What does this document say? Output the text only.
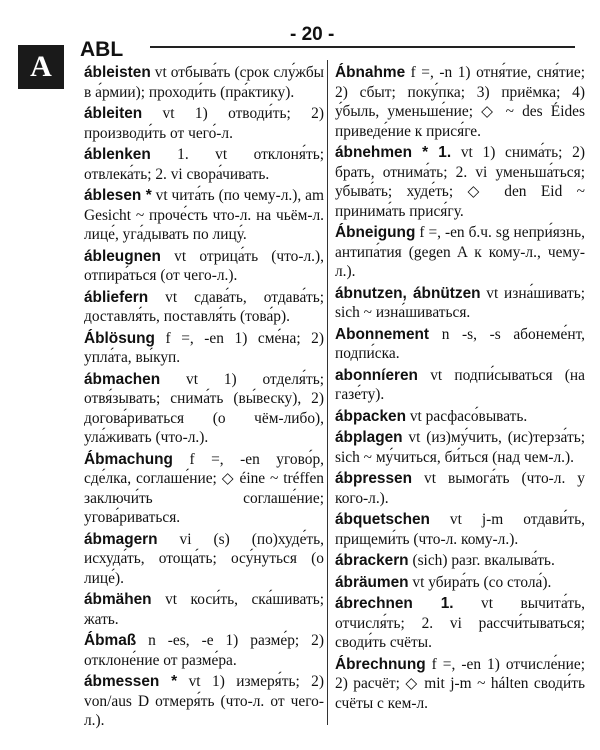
A
ABL
- 20 -
ábleisten vt отбыва́ть (срок слу́жбы в а́рмии); проходи́ть (пра́ктику).
ábleiten vt 1) отводи́ть; 2) производи́ть от чего́-л.
áblenken 1. vt отклоня́ть; отвлека́ть; 2. vi свора́чивать.
áblesen * vt чита́ть (по чему-л.), am Gesicht ~ проче́сть что-л. на чьём-л. лице́, уга́дывать по лицу́.
ábleugnen vt отрица́ть (что-л.), отпира́ться (от чего-л.).
ábliefern vt сдава́ть, отдава́ть; доставля́ть, поставля́ть (това́р).
Áblösung f =, -en 1) сме́на; 2) упла́та, вы́куп.
ábmachen vt 1) отделя́ть; отвя́зывать; снима́ть (вы́веску), 2) догова́риваться (о чём-либо), ула́живать (что-л.).
Ábmachung f =, -en угово́р, сде́лка, соглаше́ние; ◇ éine ~ tréffen заключи́ть соглаше́ние; угова́риваться.
ábmagern vi (s) (по)худе́ть, исхуда́ть, отоща́ть; осу́нуться (о лице́).
ábmähen vt коси́ть, ска́шивать; жать.
Ábmaß n -es, -e 1) разме́р; 2) отклоне́ние от разме́ра.
ábmessen * vt 1) измеря́ть; 2) von/aus D отмеря́ть (что-л. от чего-л.).
Ábnahme f =, -n 1) отня́тие, сня́тие; 2) сбыт; поку́пка; 3) приёмка; 4) у́быль, уменьше́ние; ◇ ~ des Éides приведе́ние к прися́ге.
ábnehmen * 1. vt 1) снима́ть; 2) брать, отнима́ть; 2. vi уменьша́ться; убыва́ть; худе́ть; ◇ den Eid ~ принима́ть прися́гу.
Ábneigung f =, -en б.ч. sg непри́язнь, антипа́тия (gegen A к кому-л., чему-л.).
ábnutzen, ábnützen vt изна́шивать; sich ~ изна́шиваться.
Abonnement n -s, -s абонеме́нт, подпи́ска.
abonníeren vt подпи́сываться (на газе́ту).
ábpacken vt расфасо́вывать.
ábplagen vt (из)му́чить, (ис)терза́ть; sich ~ му́читься, би́ться (над чем-л.).
ábpressen vt вымога́ть (что-л. у кого-л.).
ábquetschen vt j-m отдави́ть, прищеми́ть (что-л. кому-л.).
ábrackern (sich) разг. вкалыва́ть.
ábräumen vt убира́ть (со стола́).
ábrechnen 1. vt вычита́ть, отчисля́ть; 2. vi рассчи́тываться; своди́ть счёты.
Ábrechnung f =, -en 1) отчисле́ние; 2) расчёт; ◇ mit j-m ~ hálten своди́ть счёты с кем-л.
